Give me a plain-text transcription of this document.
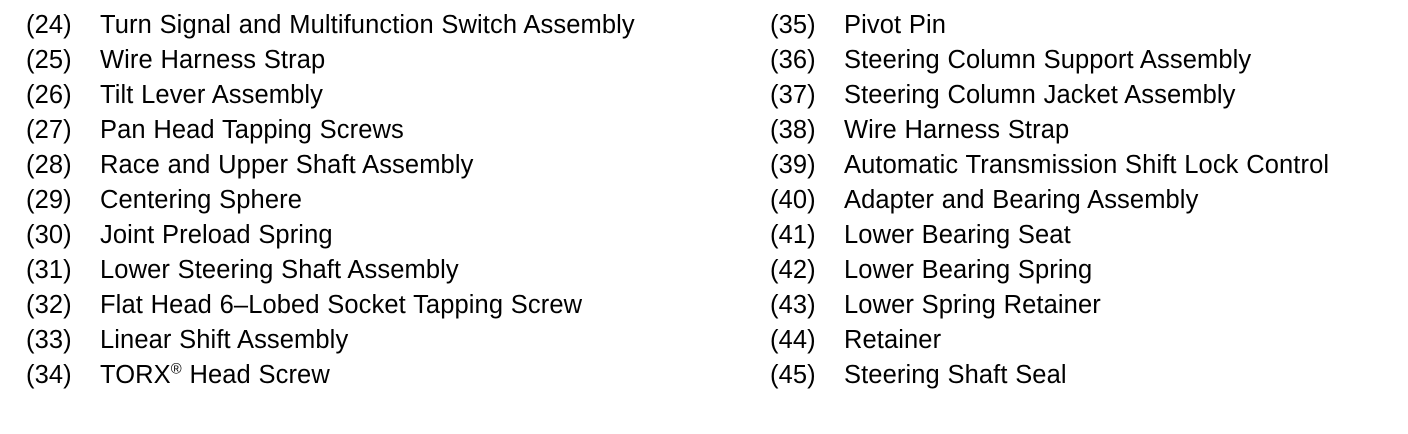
(24)	Turn Signal and Multifunction Switch Assembly
(25)	Wire Harness Strap
(26)	Tilt Lever Assembly
(27)	Pan Head Tapping Screws
(28)	Race and Upper Shaft Assembly
(29)	Centering Sphere
(30)	Joint Preload Spring
(31)	Lower Steering Shaft Assembly
(32)	Flat Head 6–Lobed Socket Tapping Screw
(33)	Linear Shift Assembly
(34)	TORX® Head Screw
(35)	Pivot Pin
(36)	Steering Column Support Assembly
(37)	Steering Column Jacket Assembly
(38)	Wire Harness Strap
(39)	Automatic Transmission Shift Lock Control
(40)	Adapter and Bearing Assembly
(41)	Lower Bearing Seat
(42)	Lower Bearing Spring
(43)	Lower Spring Retainer
(44)	Retainer
(45)	Steering Shaft Seal
